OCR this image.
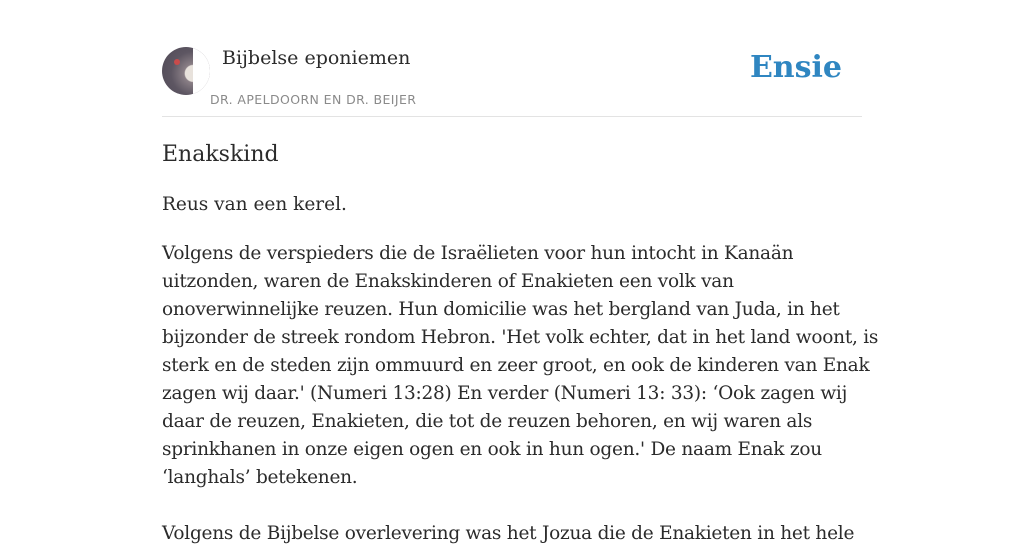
Bijbelse eponiemen
DR. APELDOORN EN DR. BEIJER
Ensie
Enakskind

Reus van een kerel.

Volgens de verspieders die de Israëlieten voor hun intocht in Kanaän uitzonden, waren de Enakskinderen of Enakieten een volk van onoverwinnelijke reuzen. Hun domicilie was het bergland van Juda, in het bijzonder de streek rondom Hebron. 'Het volk echter, dat in het land woont, is sterk en de steden zijn ommuurd en zeer groot, en ook de kinderen van Enak zagen wij daar.' (Numeri 13:28) En verder (Numeri 13: 33): ‘Ook zagen wij daar de reuzen, Enakieten, die tot de reuzen behoren, en wij waren als sprinkhanen in onze eigen ogen en ook in hun ogen.' De naam Enak zou ‘langhals’ betekenen.

Volgens de Bijbelse overlevering was het Jozua die de Enakieten in het hele
